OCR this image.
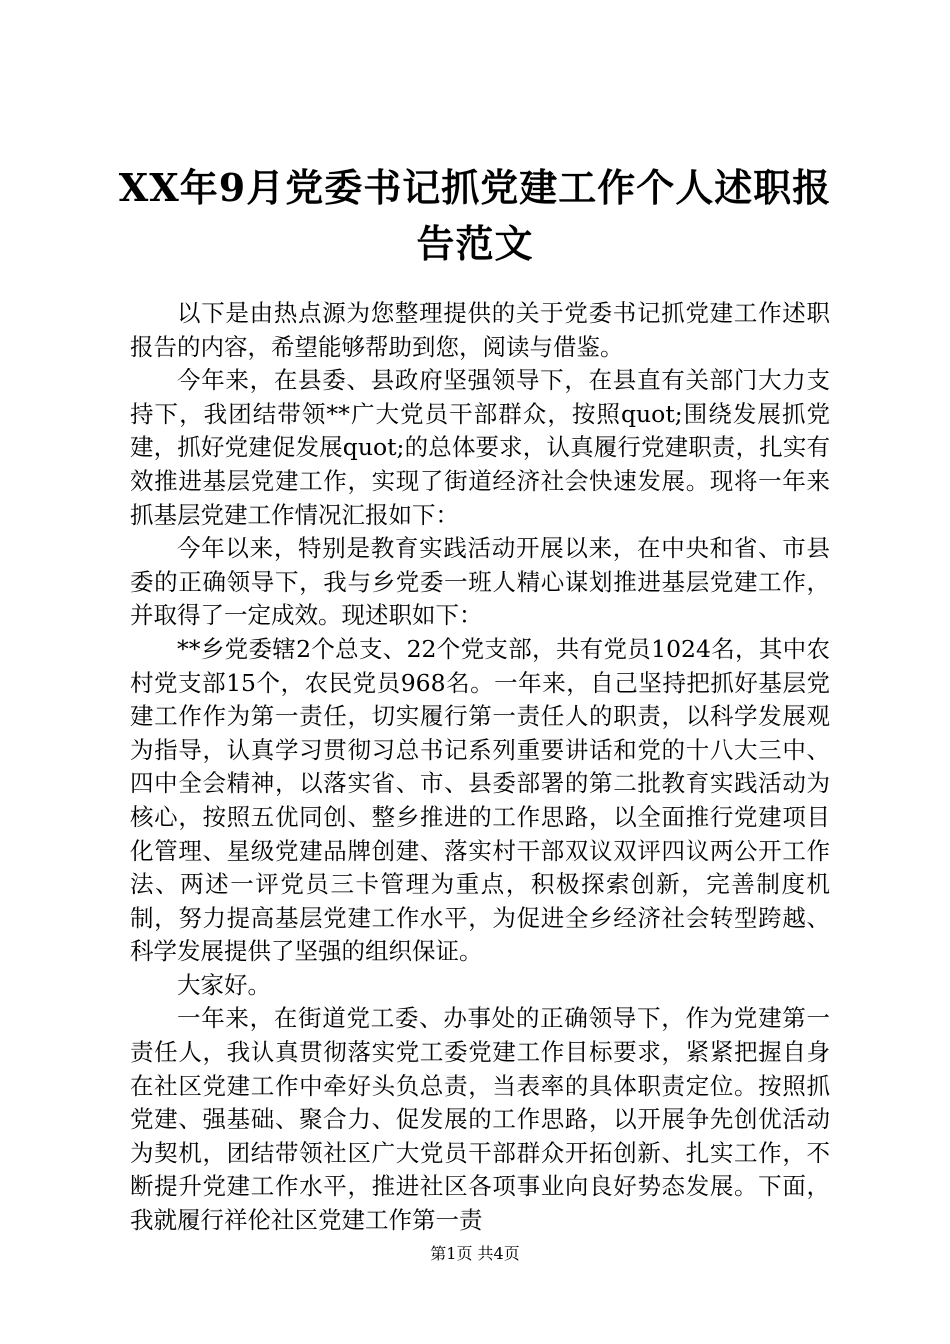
XX年9月党委书记抓党建工作个人述职报告范文

以下是由热点源为您整理提供的关于党委书记抓党建工作述职报告的内容，希望能够帮助到您，阅读与借鉴。

今年来，在县委、县政府坚强领导下，在县直有关部门大力支持下，我团结带领**广大党员干部群众，按照quot;围绕发展抓党建，抓好党建促发展quot;的总体要求，认真履行党建职责，扎实有效推进基层党建工作，实现了街道经济社会快速发展。现将一年来抓基层党建工作情况汇报如下：

今年以来，特别是教育实践活动开展以来，在中央和省、市县委的正确领导下，我与乡党委一班人精心谋划推进基层党建工作，并取得了一定成效。现述职如下：

**乡党委辖2个总支、22个党支部，共有党员1024名，其中农村党支部15个，农民党员968名。一年来，自己坚持把抓好基层党建工作作为第一责任，切实履行第一责任人的职责，以科学发展观为指导，认真学习贯彻习总书记系列重要讲话和党的十八大三中、四中全会精神，以落实省、市、县委部署的第二批教育实践活动为核心，按照五优同创、整乡推进的工作思路，以全面推行党建项目化管理、星级党建品牌创建、落实村干部双议双评四议两公开工作法、两述一评党员三卡管理为重点，积极探索创新，完善制度机制，努力提高基层党建工作水平，为促进全乡经济社会转型跨越、科学发展提供了坚强的组织保证。

大家好。

一年来，在街道党工委、办事处的正确领导下，作为党建第一责任人，我认真贯彻落实党工委党建工作目标要求，紧紧把握自身在社区党建工作中牵好头负总责，当表率的具体职责定位。按照抓党建、强基础、聚合力、促发展的工作思路，以开展争先创优活动为契机，团结带领社区广大党员干部群众开拓创新、扎实工作，不断提升党建工作水平，推进社区各项事业向良好势态发展。下面，我就履行祥伦社区党建工作第一责

第1页 共4页
